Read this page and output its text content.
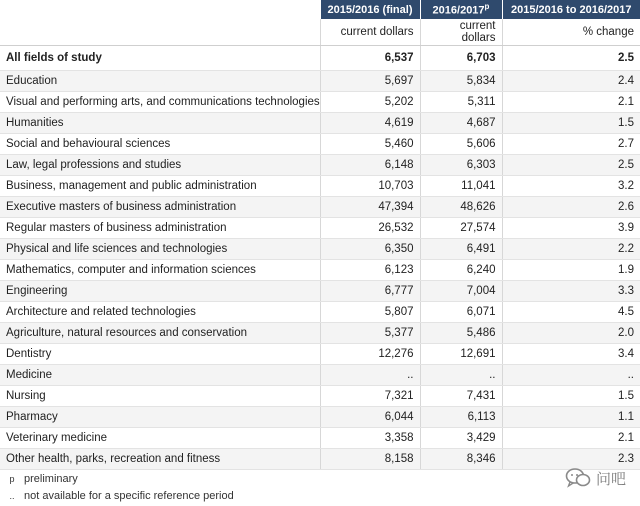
	2015/2016 (final)	2016/2017$^p$	2015/2016 to 2016/2017
	current dollars	current dollars	% change
All fields of study	6,537	6,703	2.5
Education	5,697	5,834	2.4
Visual and performing arts, and communications technologies	5,202	5,311	2.1
Humanities	4,619	4,687	1.5
Social and behavioural sciences	5,460	5,606	2.7
Law, legal professions and studies	6,148	6,303	2.5
Business, management and public administration	10,703	11,041	3.2
Executive masters of business administration	47,394	48,626	2.6
Regular masters of business administration	26,532	27,574	3.9
Physical and life sciences and technologies	6,350	6,491	2.2
Mathematics, computer and information sciences	6,123	6,240	1.9
Engineering	6,777	7,004	3.3
Architecture and related technologies	5,807	6,071	4.5
Agriculture, natural resources and conservation	5,377	5,486	2.0
Dentistry	12,276	12,691	3.4
Medicine	..	..	..
Nursing	7,321	7,431	1.5
Pharmacy	6,044	6,113	1.1
Veterinary medicine	3,358	3,429	2.1
Other health, parks, recreation and fitness	8,158	8,346	2.3
p preliminary
.. not available for a specific reference period
问吧
